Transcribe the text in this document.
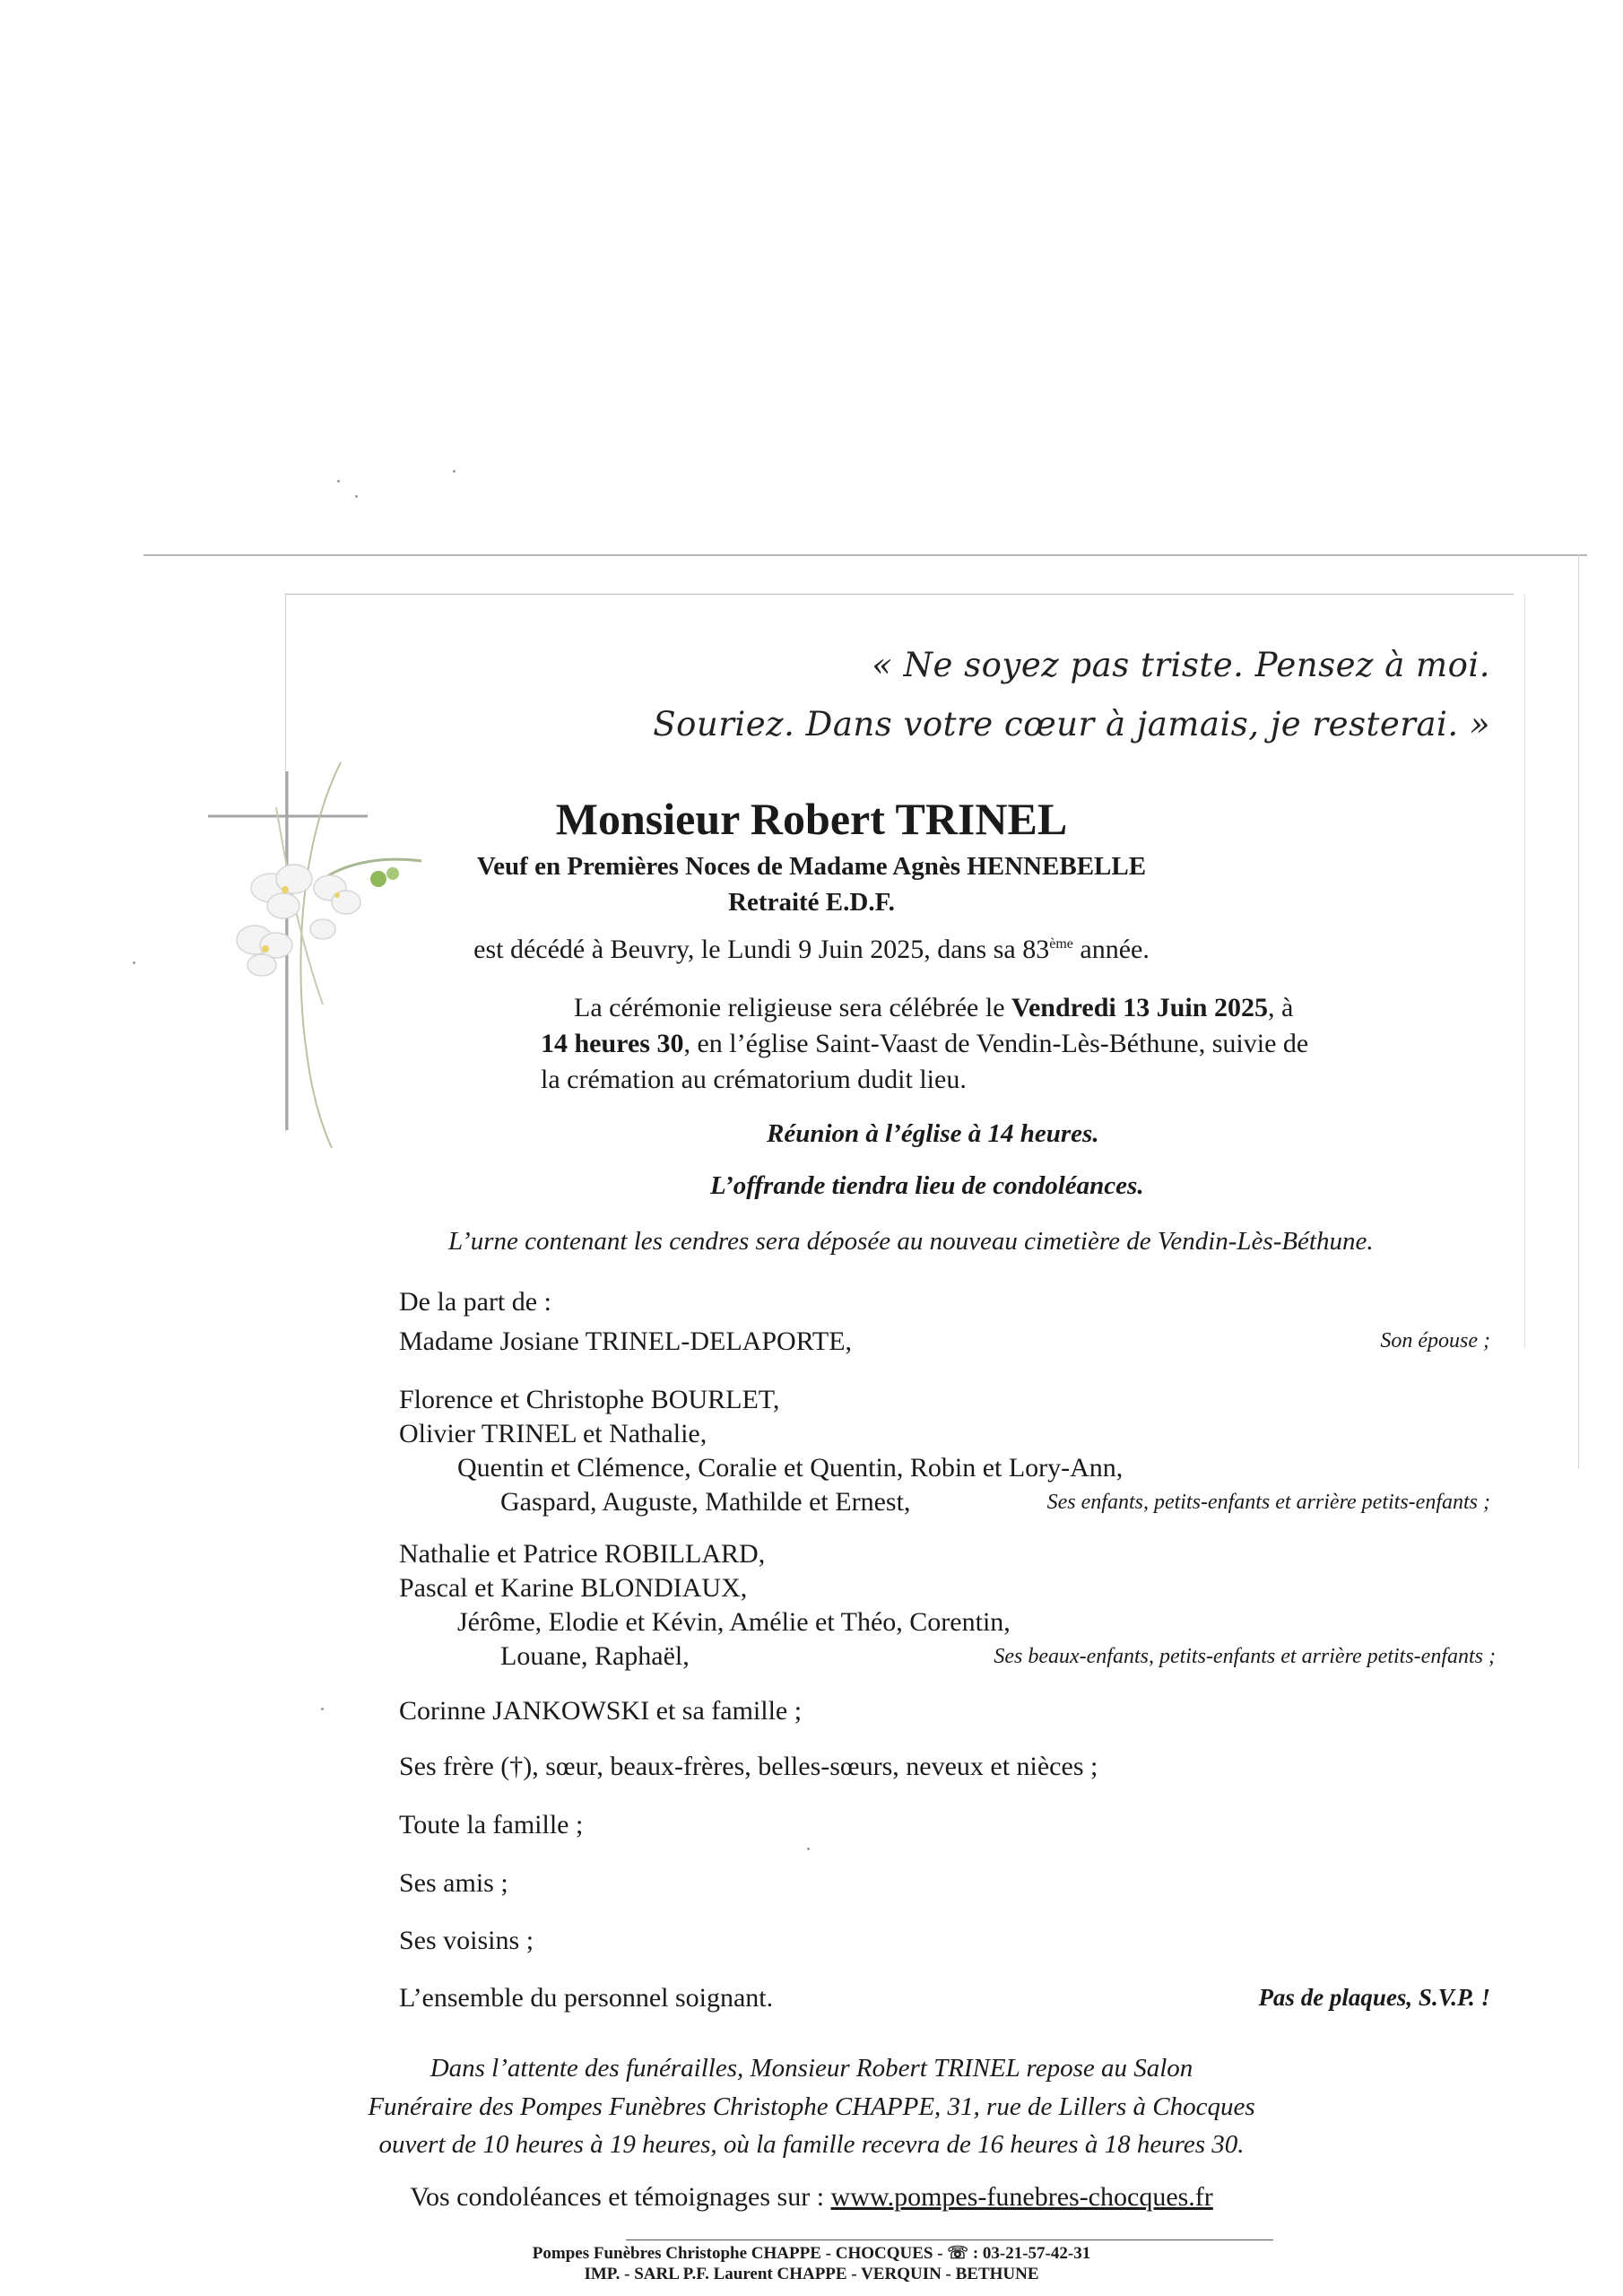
« Ne soyez pas triste. Pensez à moi.
Souriez. Dans votre cœur à jamais, je resterai. »
Monsieur Robert TRINEL
Veuf en Premières Noces de Madame Agnès HENNEBELLE
Retraité E.D.F.
est décédé à Beuvry, le Lundi 9 Juin 2025, dans sa 83ème année.
La cérémonie religieuse sera célébrée le Vendredi 13 Juin 2025, à
14 heures 30, en l’église Saint-Vaast de Vendin-Lès-Béthune, suivie de
la crémation au crématorium dudit lieu.
Réunion à l’église à 14 heures.
L’offrande tiendra lieu de condoléances.
L’urne contenant les cendres sera déposée au nouveau cimetière de Vendin-Lès-Béthune.
De la part de :
Madame Josiane TRINEL-DELAPORTE,	Son épouse ;
Florence et Christophe BOURLET,
Olivier TRINEL et Nathalie,
Quentin et Clémence, Coralie et Quentin, Robin et Lory-Ann,
Gaspard, Auguste, Mathilde et Ernest,	Ses enfants, petits-enfants et arrière petits-enfants ;
Nathalie et Patrice ROBILLARD,
Pascal et Karine BLONDIAUX,
Jérôme, Elodie et Kévin, Amélie et Théo, Corentin,
Louane, Raphaël,	Ses beaux-enfants, petits-enfants et arrière petits-enfants ;
Corinne JANKOWSKI et sa famille ;
Ses frère (†), sœur, beaux-frères, belles-sœurs, neveux et nièces ;
Toute la famille ;
Ses amis ;
Ses voisins ;
L’ensemble du personnel soignant.	Pas de plaques, S.V.P. !
Dans l’attente des funérailles, Monsieur Robert TRINEL repose au Salon
Funéraire des Pompes Funèbres Christophe CHAPPE, 31, rue de Lillers à Chocques
ouvert de 10 heures à 19 heures, où la famille recevra de 16 heures à 18 heures 30.
Vos condoléances et témoignages sur : www.pompes-funebres-chocques.fr
Pompes Funèbres Christophe CHAPPE - CHOCQUES - ☏ : 03-21-57-42-31
IMP. - SARL P.F. Laurent CHAPPE - VERQUIN - BETHUNE
